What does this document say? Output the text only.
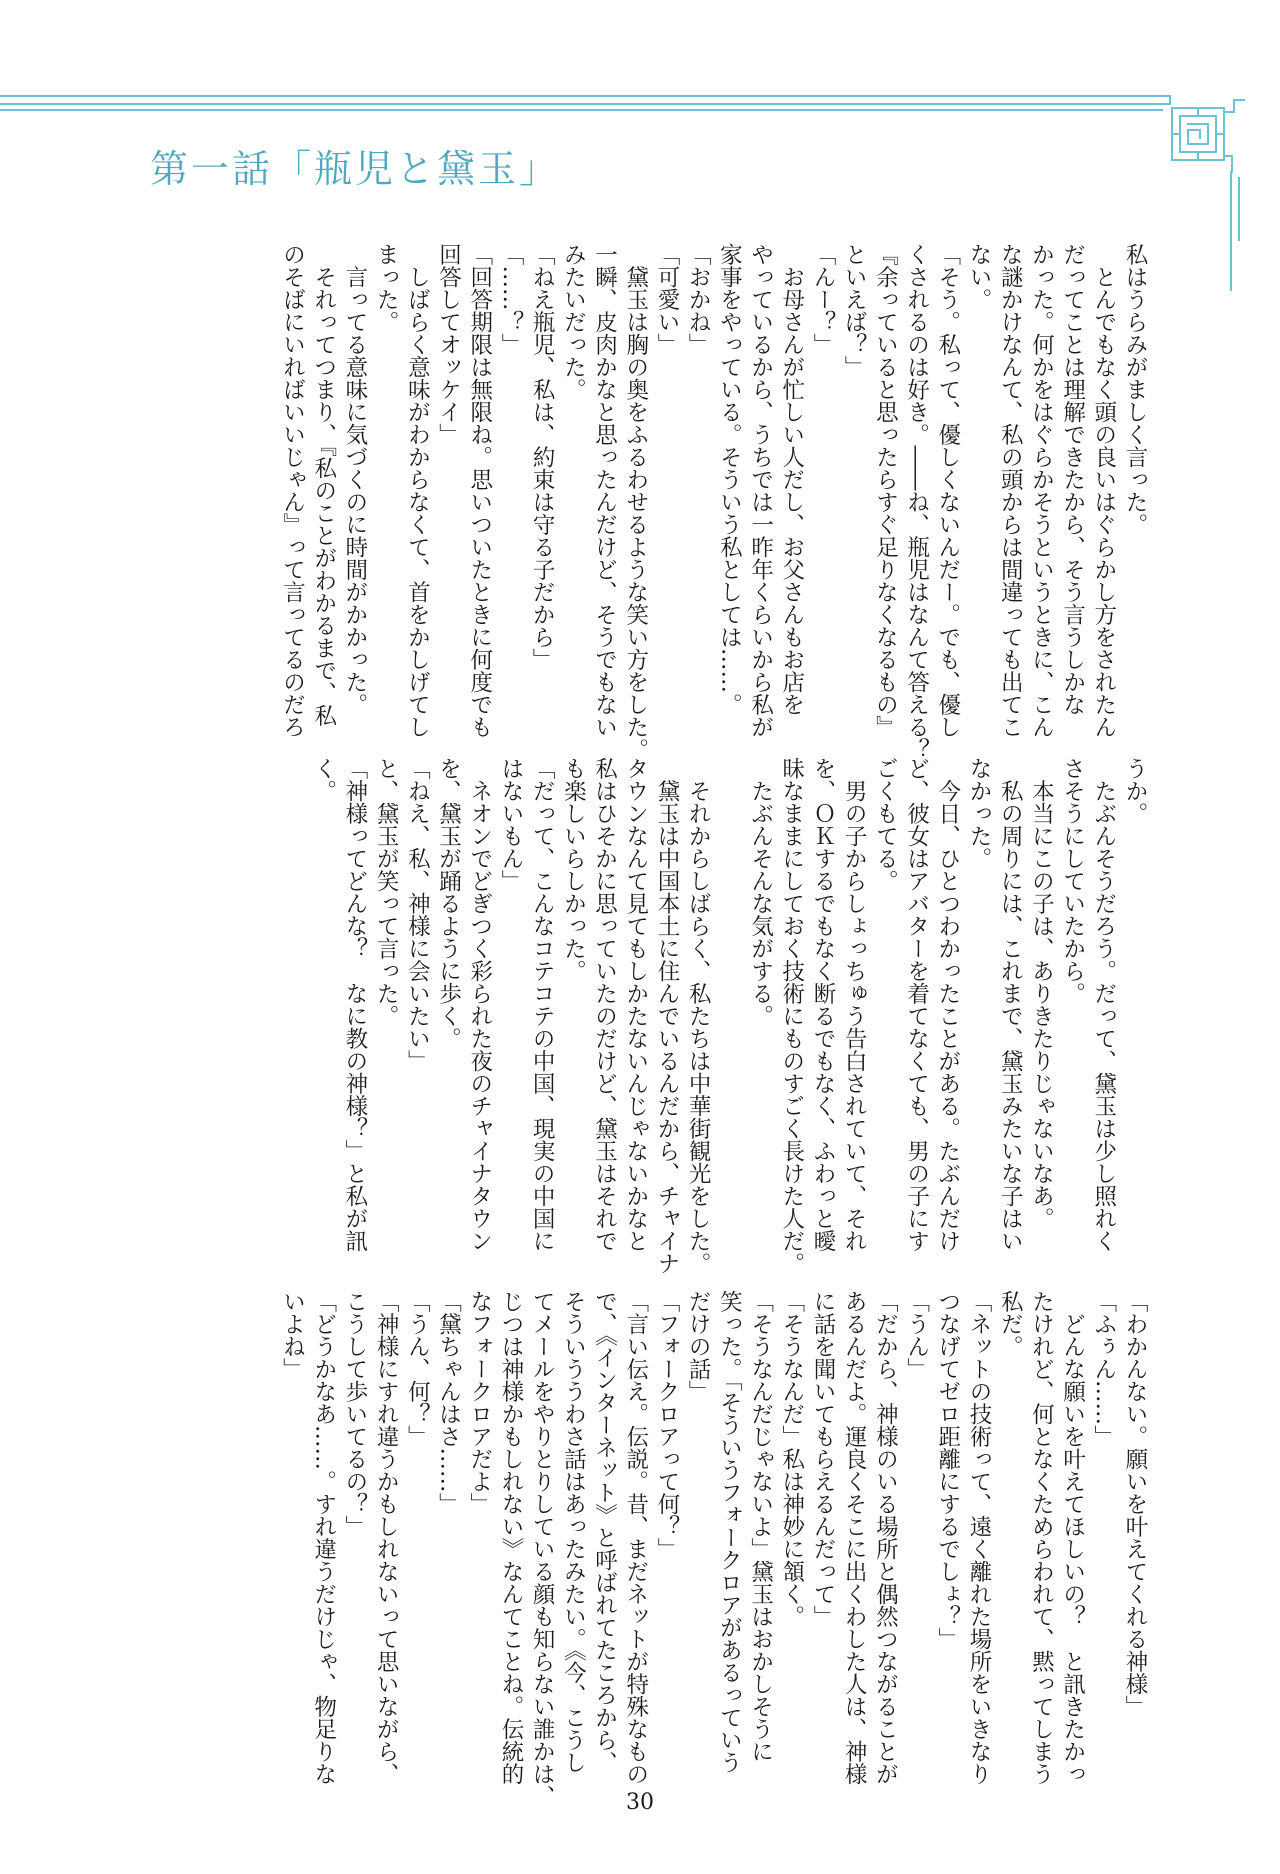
第一話「瓶児と黛玉」

私はうらみがましく言った。

　とんでもなく頭の良いはぐらかし方をされたん

だってことは理解できたから、そう言うしかな

かった。何かをはぐらかそうというときに、こん

な謎かけなんて、私の頭からは間違っても出てこ

ない。

「そう。私って、優しくないんだー。でも、優し

くされるのは好き。――ね、瓶児はなんて答える？

『余っていると思ったらすぐ足りなくなるもの』

といえば？」

「んー？」

　お母さんが忙しい人だし、お父さんもお店を

やっているから、うちでは一昨年くらいから私が

家事をやっている。そういう私としては……。

「おかね」

「可愛い」

　黛玉は胸の奥をふるわせるような笑い方をした。

一瞬、皮肉かなと思ったんだけど、そうでもない

みたいだった。

「ねえ瓶児、私は、約束は守る子だから」

「……？」

「回答期限は無限ね。思いついたときに何度でも

回答してオッケイ」

　しばらく意味がわからなくて、首をかしげてし

まった。

　言ってる意味に気づくのに時間がかかった。

　それってつまり、『私のことがわかるまで、私

のそばにいればいいじゃん』って言ってるのだろ

うか。

　たぶんそうだろう。だって、黛玉は少し照れく

さそうにしていたから。

　本当にこの子は、ありきたりじゃないなあ。

　私の周りには、これまで、黛玉みたいな子はい

なかった。

　今日、ひとつわかったことがある。たぶんだけ

ど、彼女はアバターを着てなくても、男の子にす

ごくもてる。

　男の子からしょっちゅう告白されていて、それ

を、ＯＫするでもなく断るでもなく、ふわっと曖

昧なままにしておく技術にものすごく長けた人だ。

　たぶんそんな気がする。

　それからしばらく、私たちは中華街観光をした。

　黛玉は中国本土に住んでいるんだから、チャイナ

タウンなんて見てもしかたないんじゃないかなと

私はひそかに思っていたのだけど、黛玉はそれで

も楽しいらしかった。

「だって、こんなコテコテの中国、現実の中国に

はないもん」

　ネオンでどぎつく彩られた夜のチャイナタウン

を、黛玉が踊るように歩く。

「ねえ、私、神様に会いたい」

と、黛玉が笑って言った。

「神様ってどんな？　なに教の神様？」と私が訊

く。

「わかんない。願いを叶えてくれる神様」

「ふぅん……」

　どんな願いを叶えてほしいの？　と訊きたかっ

たけれど、何となくためらわれて、黙ってしまう

私だ。

「ネットの技術って、遠く離れた場所をいきなり

つなげてゼロ距離にするでしょ？」

「うん」

「だから、神様のいる場所と偶然つながることが

あるんだよ。運良くそこに出くわした人は、神様

に話を聞いてもらえるんだって」

「そうなんだ」私は神妙に頷く。

「そうなんだじゃないよ」黛玉はおかしそうに

笑った。「そういうフォークロアがあるっていう

だけの話」

「フォークロアって何？」

「言い伝え。伝説。昔、まだネットが特殊なもの

で、《インターネット》と呼ばれてたころから、

そういううわさ話はあったみたい。《今、こうし

てメールをやりとりしている顔も知らない誰かは、

じつは神様かもしれない》なんてことね。伝統的

なフォークロアだよ」

「黛ちゃんはさ……」

「うん、何？」

「神様にすれ違うかもしれないって思いながら、

こうして歩いてるの？」

「どうかなあ……。すれ違うだけじゃ、物足りな

いよね」

30
